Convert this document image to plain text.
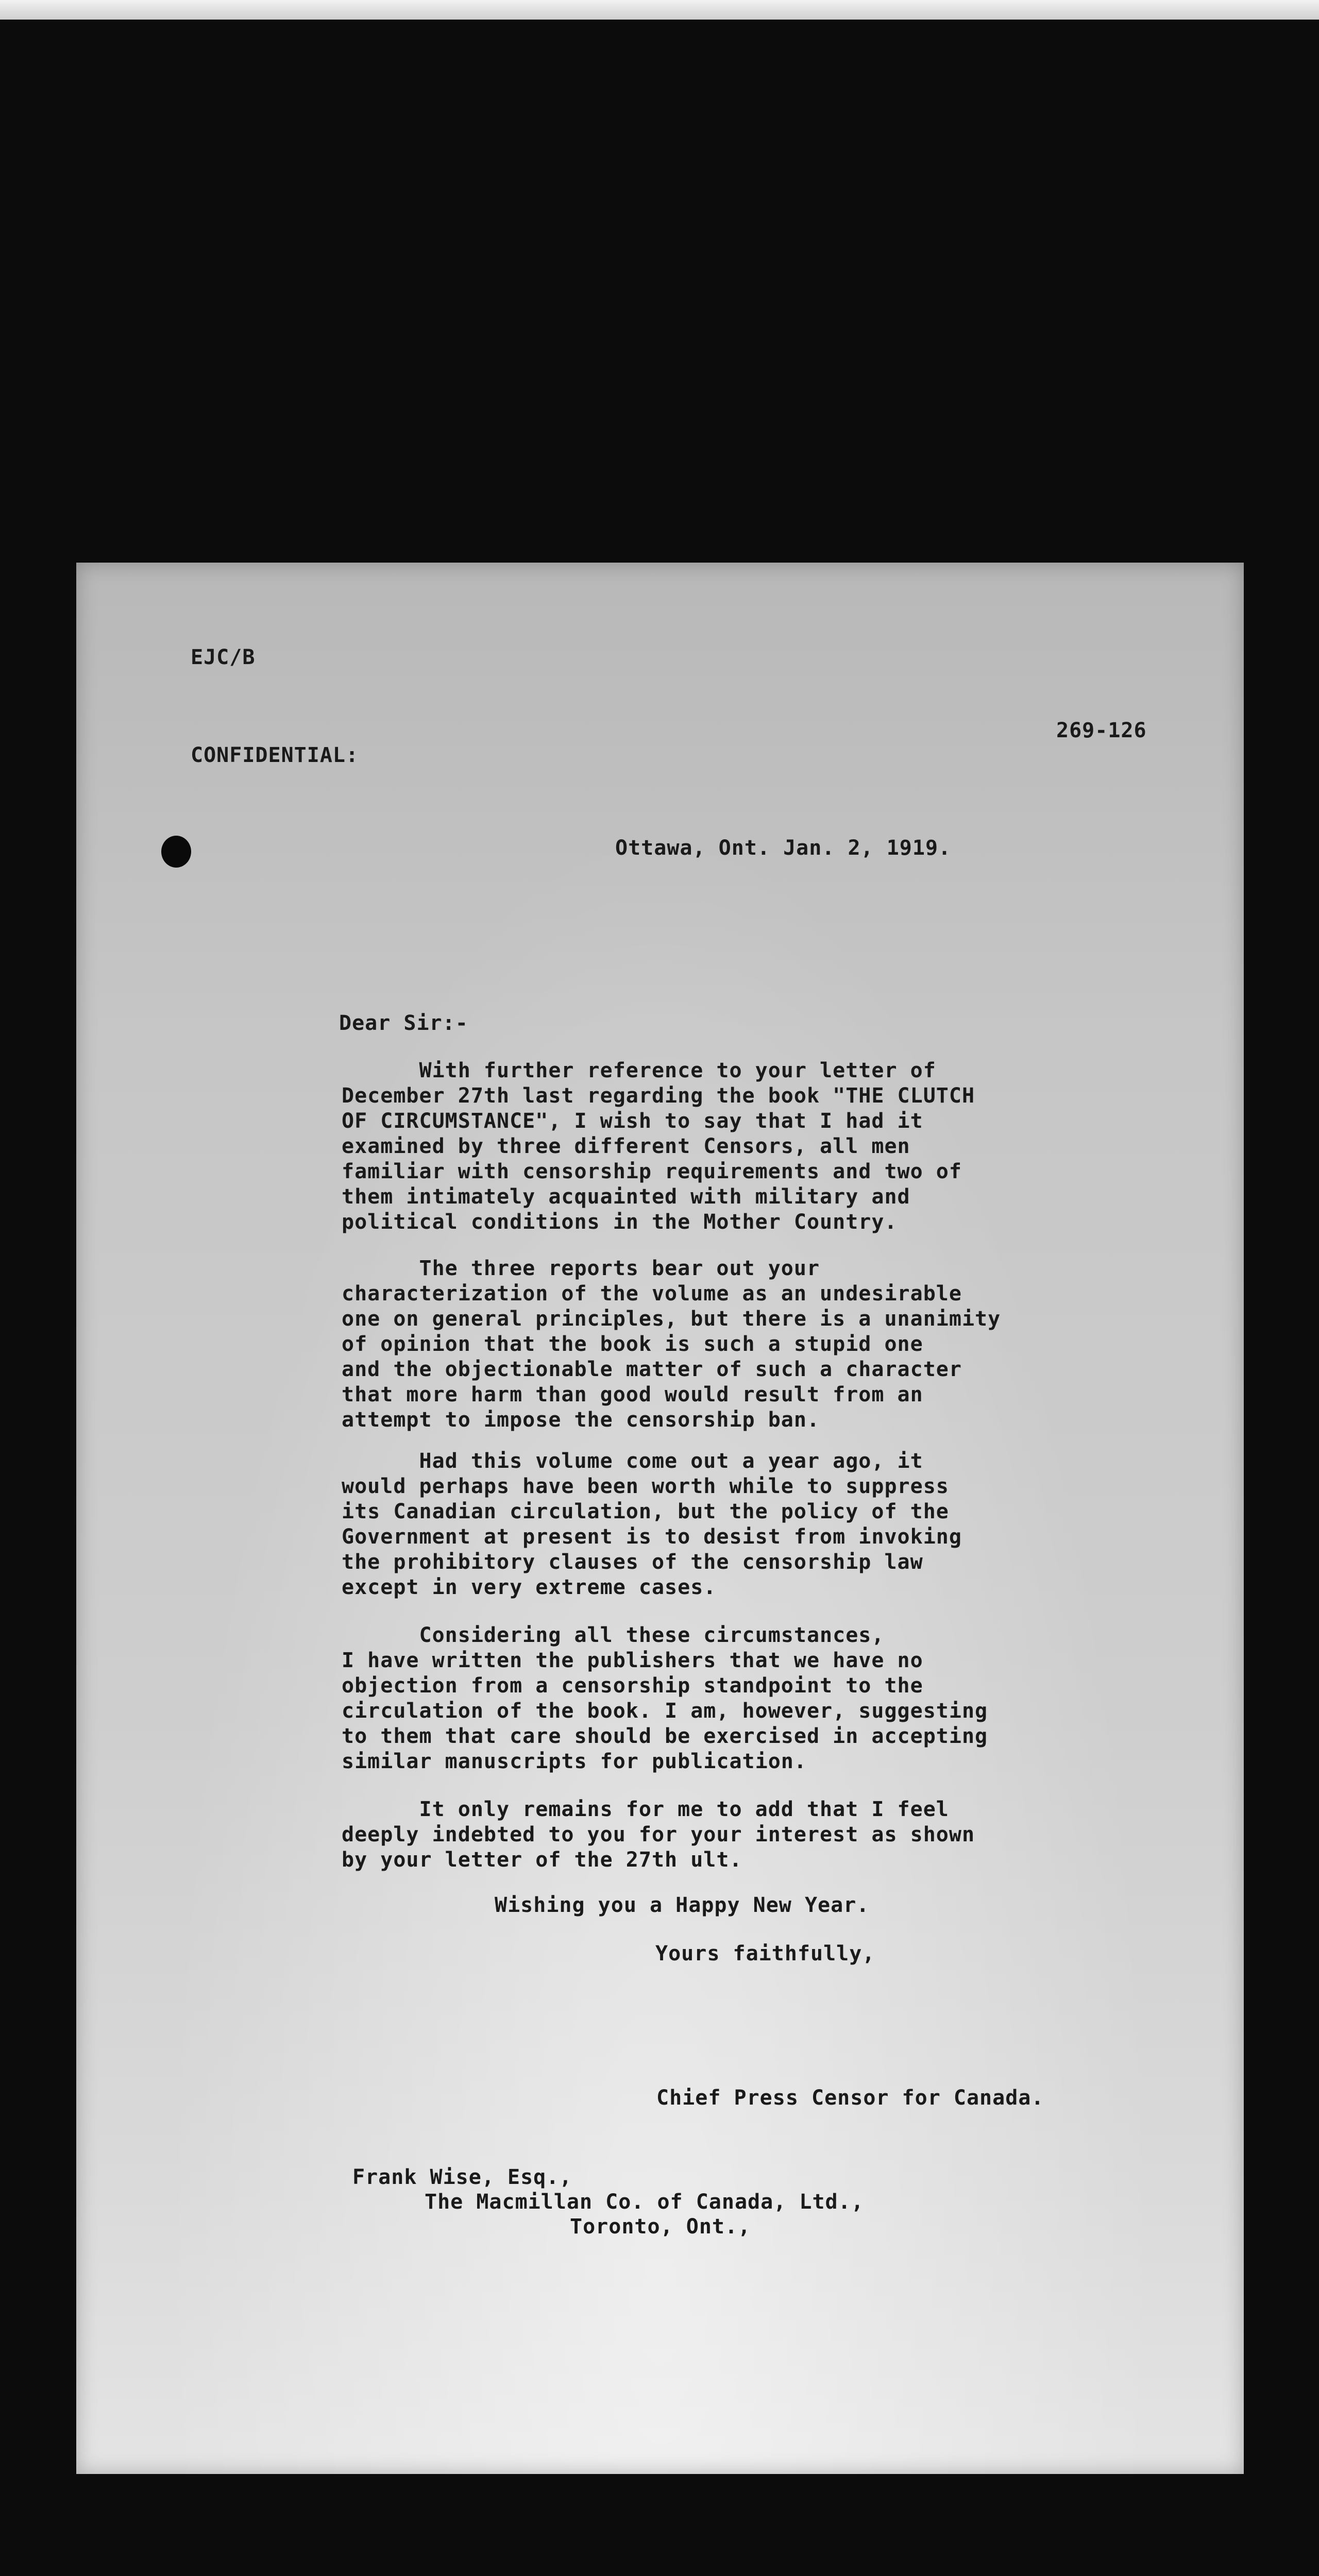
EJC/B
CONFIDENTIAL:
269-126
Ottawa, Ont. Jan. 2, 1919.
Dear Sir:-
With further reference to your letter of
December 27th last regarding the book "THE CLUTCH
OF CIRCUMSTANCE", I wish to say that I had it
examined by three different Censors, all men
familiar with censorship requirements and two of
them intimately acquainted with military and
political conditions in the Mother Country.
The three reports bear out your
characterization of the volume as an undesirable
one on general principles, but there is a unanimity
of opinion that the book is such a stupid one
and the objectionable matter of such a character
that more harm than good would result from an
attempt to impose the censorship ban.
Had this volume come out a year ago, it
would perhaps have been worth while to suppress
its Canadian circulation, but the policy of the
Government at present is to desist from invoking
the prohibitory clauses of the censorship law
except in very extreme cases.
Considering all these circumstances,
I have written the publishers that we have no
objection from a censorship standpoint to the
circulation of the book. I am, however, suggesting
to them that care should be exercised in accepting
similar manuscripts for publication.
It only remains for me to add that I feel
deeply indebted to you for your interest as shown
by your letter of the 27th ult.
Wishing you a Happy New Year.
Yours faithfully,
Chief Press Censor for Canada.
Frank Wise, Esq.,
The Macmillan Co. of Canada, Ltd.,
Toronto, Ont.,
